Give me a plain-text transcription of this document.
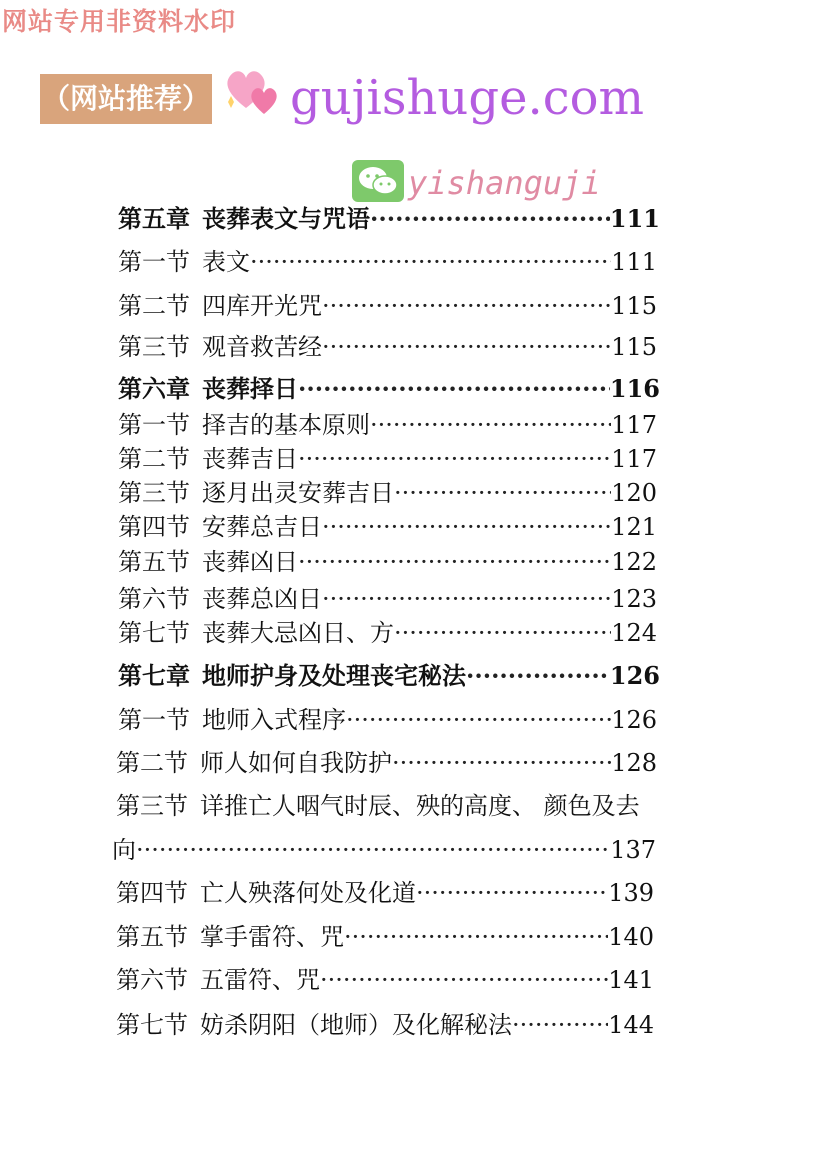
网站专用非资料水印
（网站推荐） gujishuge.com
yishanguji
第五章 丧葬表文与咒语 ·····	111
第一节 表文 ·····	111
第二节 四库开光咒 ·····	115
第三节 观音救苦经 ·····	115
第六章 丧葬择日 ·····	116
第一节 择吉的基本原则 ·····	117
第二节 丧葬吉日 ·····	117
第三节 逐月出灵安葬吉日 ·····	120
第四节 安葬总吉日 ·····	121
第五节 丧葬凶日 ·····	122
第六节 丧葬总凶日 ·····	123
第七节 丧葬大忌凶日、方 ·····	124
第七章 地师护身及处理丧宅秘法 ·····	126
第一节 地师入式程序 ·····	126
第二节 师人如何自我防护 ·····	128
第三节 详推亡人咽气时辰、殃的高度、 颜色及去
向 ·····	137
第四节 亡人殃落何处及化道 ·····	139
第五节 掌手雷符、咒 ·····	140
第六节 五雷符、咒 ·····	141
第七节 妨杀阴阳（地师）及化解秘法 ·····	144
